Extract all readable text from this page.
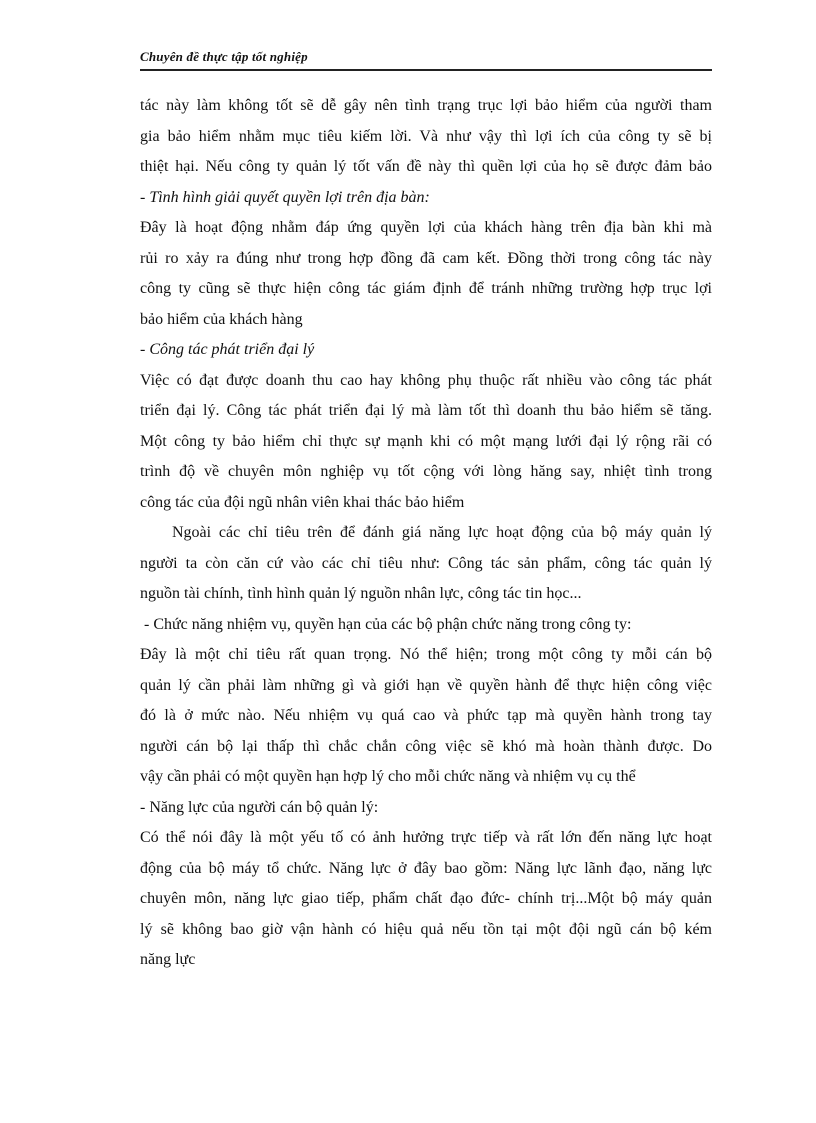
Chuyên đề thực tập tốt nghiệp
tác này làm không tốt sẽ dễ gây nên tình trạng trục lợi bảo hiểm của người tham
gia bảo hiểm nhằm mục tiêu kiếm lời. Và như vậy thì lợi ích của công ty sẽ bị
thiệt hại. Nếu công ty quản lý tốt vấn đề này thì quền lợi của họ sẽ được đảm bảo
- Tình hình giải quyết quyền lợi trên địa bàn:
Đây là hoạt động nhằm đáp ứng quyền lợi của khách hàng trên địa bàn khi mà
rủi ro xảy ra đúng như trong hợp đồng đã cam kết. Đồng thời trong công tác này
công ty cũng sẽ thực hiện công tác giám định để tránh những trường hợp trục lợi
bảo hiểm của khách hàng
- Công tác phát triển đại lý
Việc có đạt được doanh thu cao hay không phụ thuộc rất nhiều vào công tác phát
triển đại lý. Công tác phát triển đại lý mà làm tốt thì doanh thu bảo hiểm sẽ tăng.
Một công ty bảo hiểm chỉ thực sự mạnh khi có một mạng lưới đại lý rộng rãi có
trình độ về chuyên môn nghiệp vụ tốt cộng với lòng hăng say, nhiệt tình trong
công tác của đội ngũ nhân viên khai thác bảo hiểm
Ngoài các chỉ tiêu trên để đánh giá năng lực hoạt động của bộ máy quản lý
người ta còn căn cứ vào các chỉ tiêu như: Công tác sản phẩm, công tác quản lý
nguồn tài chính, tình hình quản lý nguồn nhân lực, công tác tin học...
- Chức năng nhiệm vụ, quyền hạn của các bộ phận chức năng trong công ty:
Đây là một chỉ tiêu rất quan trọng. Nó thể hiện; trong một công ty mỗi cán bộ
quản lý cần phải làm những gì và giới hạn về quyền hành để thực hiện công việc
đó là ở mức nào. Nếu nhiệm vụ quá cao và phức tạp mà quyền hành trong tay
người cán bộ lại thấp thì chắc chắn công việc sẽ khó mà hoàn thành được. Do
vậy cần phải có một quyền hạn hợp lý cho mỗi chức năng và nhiệm vụ cụ thể
- Năng lực của người cán bộ quản lý:
Có thể nói đây là một yếu tố có ảnh hưởng trực tiếp và rất lớn đến năng lực hoạt
động của bộ máy tổ chức. Năng lực ở đây bao gồm: Năng lực lãnh đạo, năng lực
chuyên môn, năng lực giao tiếp, phẩm chất đạo đức- chính trị...Một bộ máy quản
lý sẽ không bao giờ vận hành có hiệu quả nếu tồn tại một đội ngũ cán bộ kém
năng lực
